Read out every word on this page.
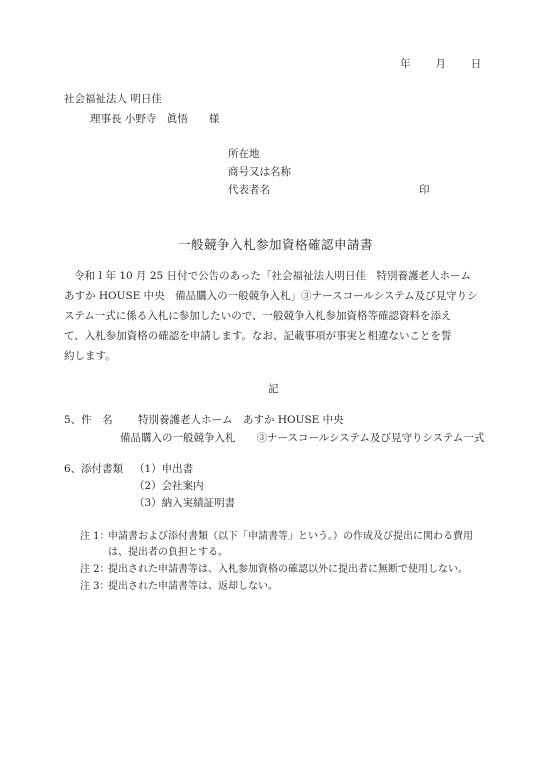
年 月 日
社会福祉法人 明日佳
理事長 小野寺　眞悟　　様
所在地
商号又は名称
代表者名	印
一般競争入札参加資格確認申請書

令和１年 10 月 25 日付で公告のあった「社会福祉法人明日佳　特別養護老人ホーム

あすか HOUSE 中央　備品購入の一般競争入札」③ナースコールシステム及び見守りシ

ステム一式に係る入札に参加したいので、一般競争入札参加資格等確認資料を添え

て、入札参加資格の確認を申請します。なお、記載事項が事実と相違ないことを誓

約します。

記
5、件　名 特別養護老人ホーム　あすか HOUSE 中央
備品購入の一般競争入札　　③ナースコールシステム及び見守りシステム一式
6、添付書類 （1）申出書
（2）会社案内
（3）納入実績証明書
注 1：
申請書および添付書類（以下「申請書等」という。）の作成及び提出に関わる費用
は、提出者の負担とする。
注 2：
提出された申請書等は、入札参加資格の確認以外に提出者に無断で使用しない。
注 3：
提出された申請書等は、返却しない。
